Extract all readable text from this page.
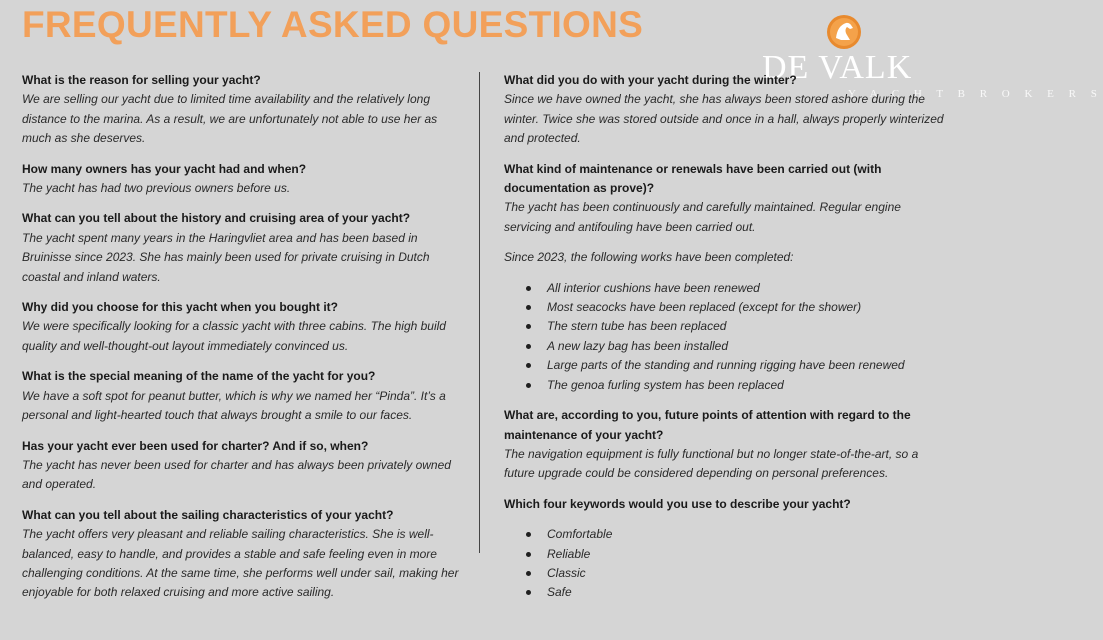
FREQUENTLY ASKED QUESTIONS
DE VALK
Y A C H T B R O K E R S
What is the reason for selling your yacht?
We are selling our yacht due to limited time availability and the relatively long distance to the marina. As a result, we are unfortunately not able to use her as much as she deserves.
How many owners has your yacht had and when?
The yacht has had two previous owners before us.
What can you tell about the history and cruising area of your yacht?
The yacht spent many years in the Haringvliet area and has been based in Bruinisse since 2023. She has mainly been used for private cruising in Dutch coastal and inland waters.
Why did you choose for this yacht when you bought it?
We were specifically looking for a classic yacht with three cabins. The high build quality and well-thought-out layout immediately convinced us.
What is the special meaning of the name of the yacht for you?
We have a soft spot for peanut butter, which is why we named her “Pinda”. It’s a personal and light-hearted touch that always brought a smile to our faces.
Has your yacht ever been used for charter? And if so, when?
The yacht has never been used for charter and has always been privately owned and operated.
What can you tell about the sailing characteristics of your yacht?
The yacht offers very pleasant and reliable sailing characteristics. She is well-balanced, easy to handle, and provides a stable and safe feeling even in more challenging conditions. At the same time, she performs well under sail, making her enjoyable for both relaxed cruising and more active sailing.
What did you do with your yacht during the winter?
Since we have owned the yacht, she has always been stored ashore during the winter. Twice she was stored outside and once in a hall, always properly winterized and protected.
What kind of maintenance or renewals have been carried out (with documentation as prove)?
The yacht has been continuously and carefully maintained. Regular engine servicing and antifouling have been carried out.
Since 2023, the following works have been completed:
All interior cushions have been renewed
Most seacocks have been replaced (except for the shower)
The stern tube has been replaced
A new lazy bag has been installed
Large parts of the standing and running rigging have been renewed
The genoa furling system has been replaced
What are, according to you, future points of attention with regard to the maintenance of your yacht?
The navigation equipment is fully functional but no longer state-of-the-art, so a future upgrade could be considered depending on personal preferences.
Which four keywords would you use to describe your yacht?
Comfortable
Reliable
Classic
Safe
